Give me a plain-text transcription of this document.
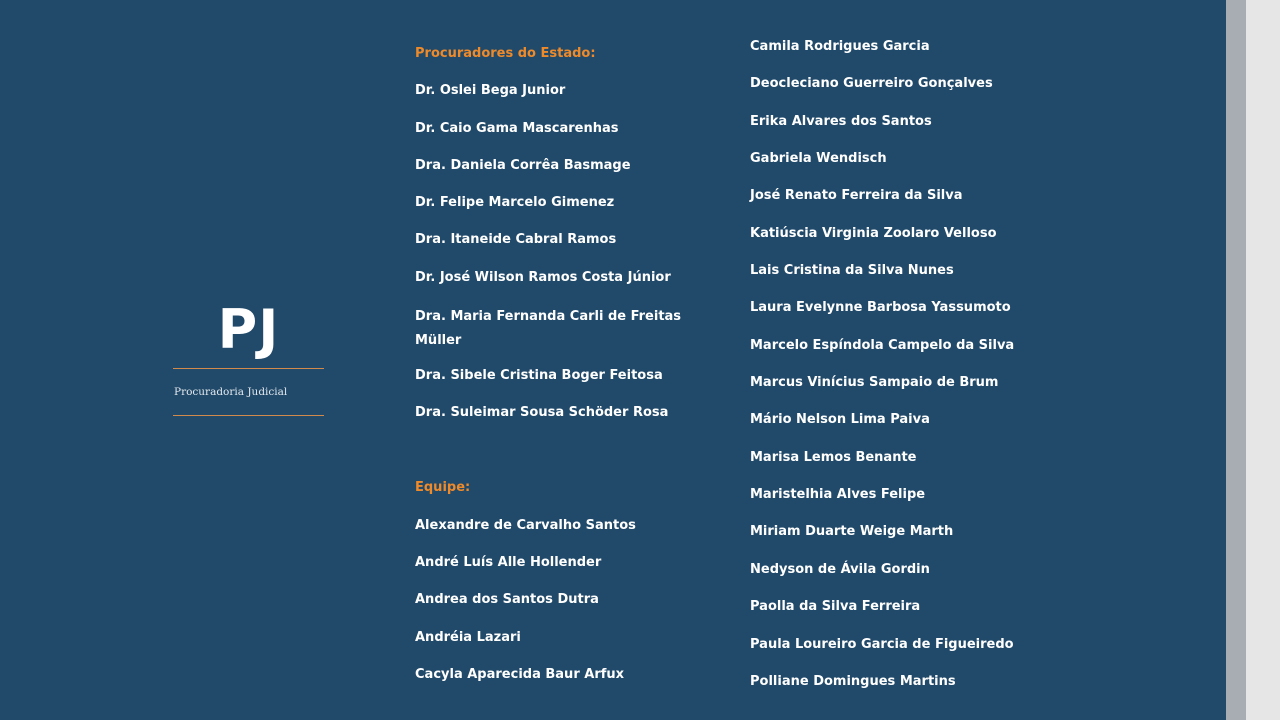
PJ
Procuradoria Judicial

Procuradores do Estado:

Dr. Oslei Bega Junior

Dr. Caio Gama Mascarenhas

Dra. Daniela Corrêa Basmage

Dr. Felipe Marcelo Gimenez

Dra. Itaneide Cabral Ramos

Dr. José Wilson Ramos Costa Júnior

Dra. Maria Fernanda Carli de Freitas Müller

Dra. Sibele Cristina Boger Feitosa

Dra. Suleimar Sousa Schöder Rosa

Equipe:

Alexandre de Carvalho Santos

André Luís Alle Hollender

Andrea dos Santos Dutra

Andréia Lazari

Cacyla Aparecida Baur Arfux

Camila Rodrigues Garcia

Deocleciano Guerreiro Gonçalves

Erika Alvares dos Santos

Gabriela Wendisch

José Renato Ferreira da Silva

Katiúscia Virginia Zoolaro Velloso

Lais Cristina da Silva Nunes

Laura Evelynne Barbosa Yassumoto

Marcelo Espíndola Campelo da Silva

Marcus Vinícius Sampaio de Brum

Mário Nelson Lima Paiva

Marisa Lemos Benante

Maristelhia Alves Felipe

Miriam Duarte Weige Marth

Nedyson de Ávila Gordin

Paolla da Silva Ferreira

Paula Loureiro Garcia de Figueiredo

Polliane Domingues Martins
